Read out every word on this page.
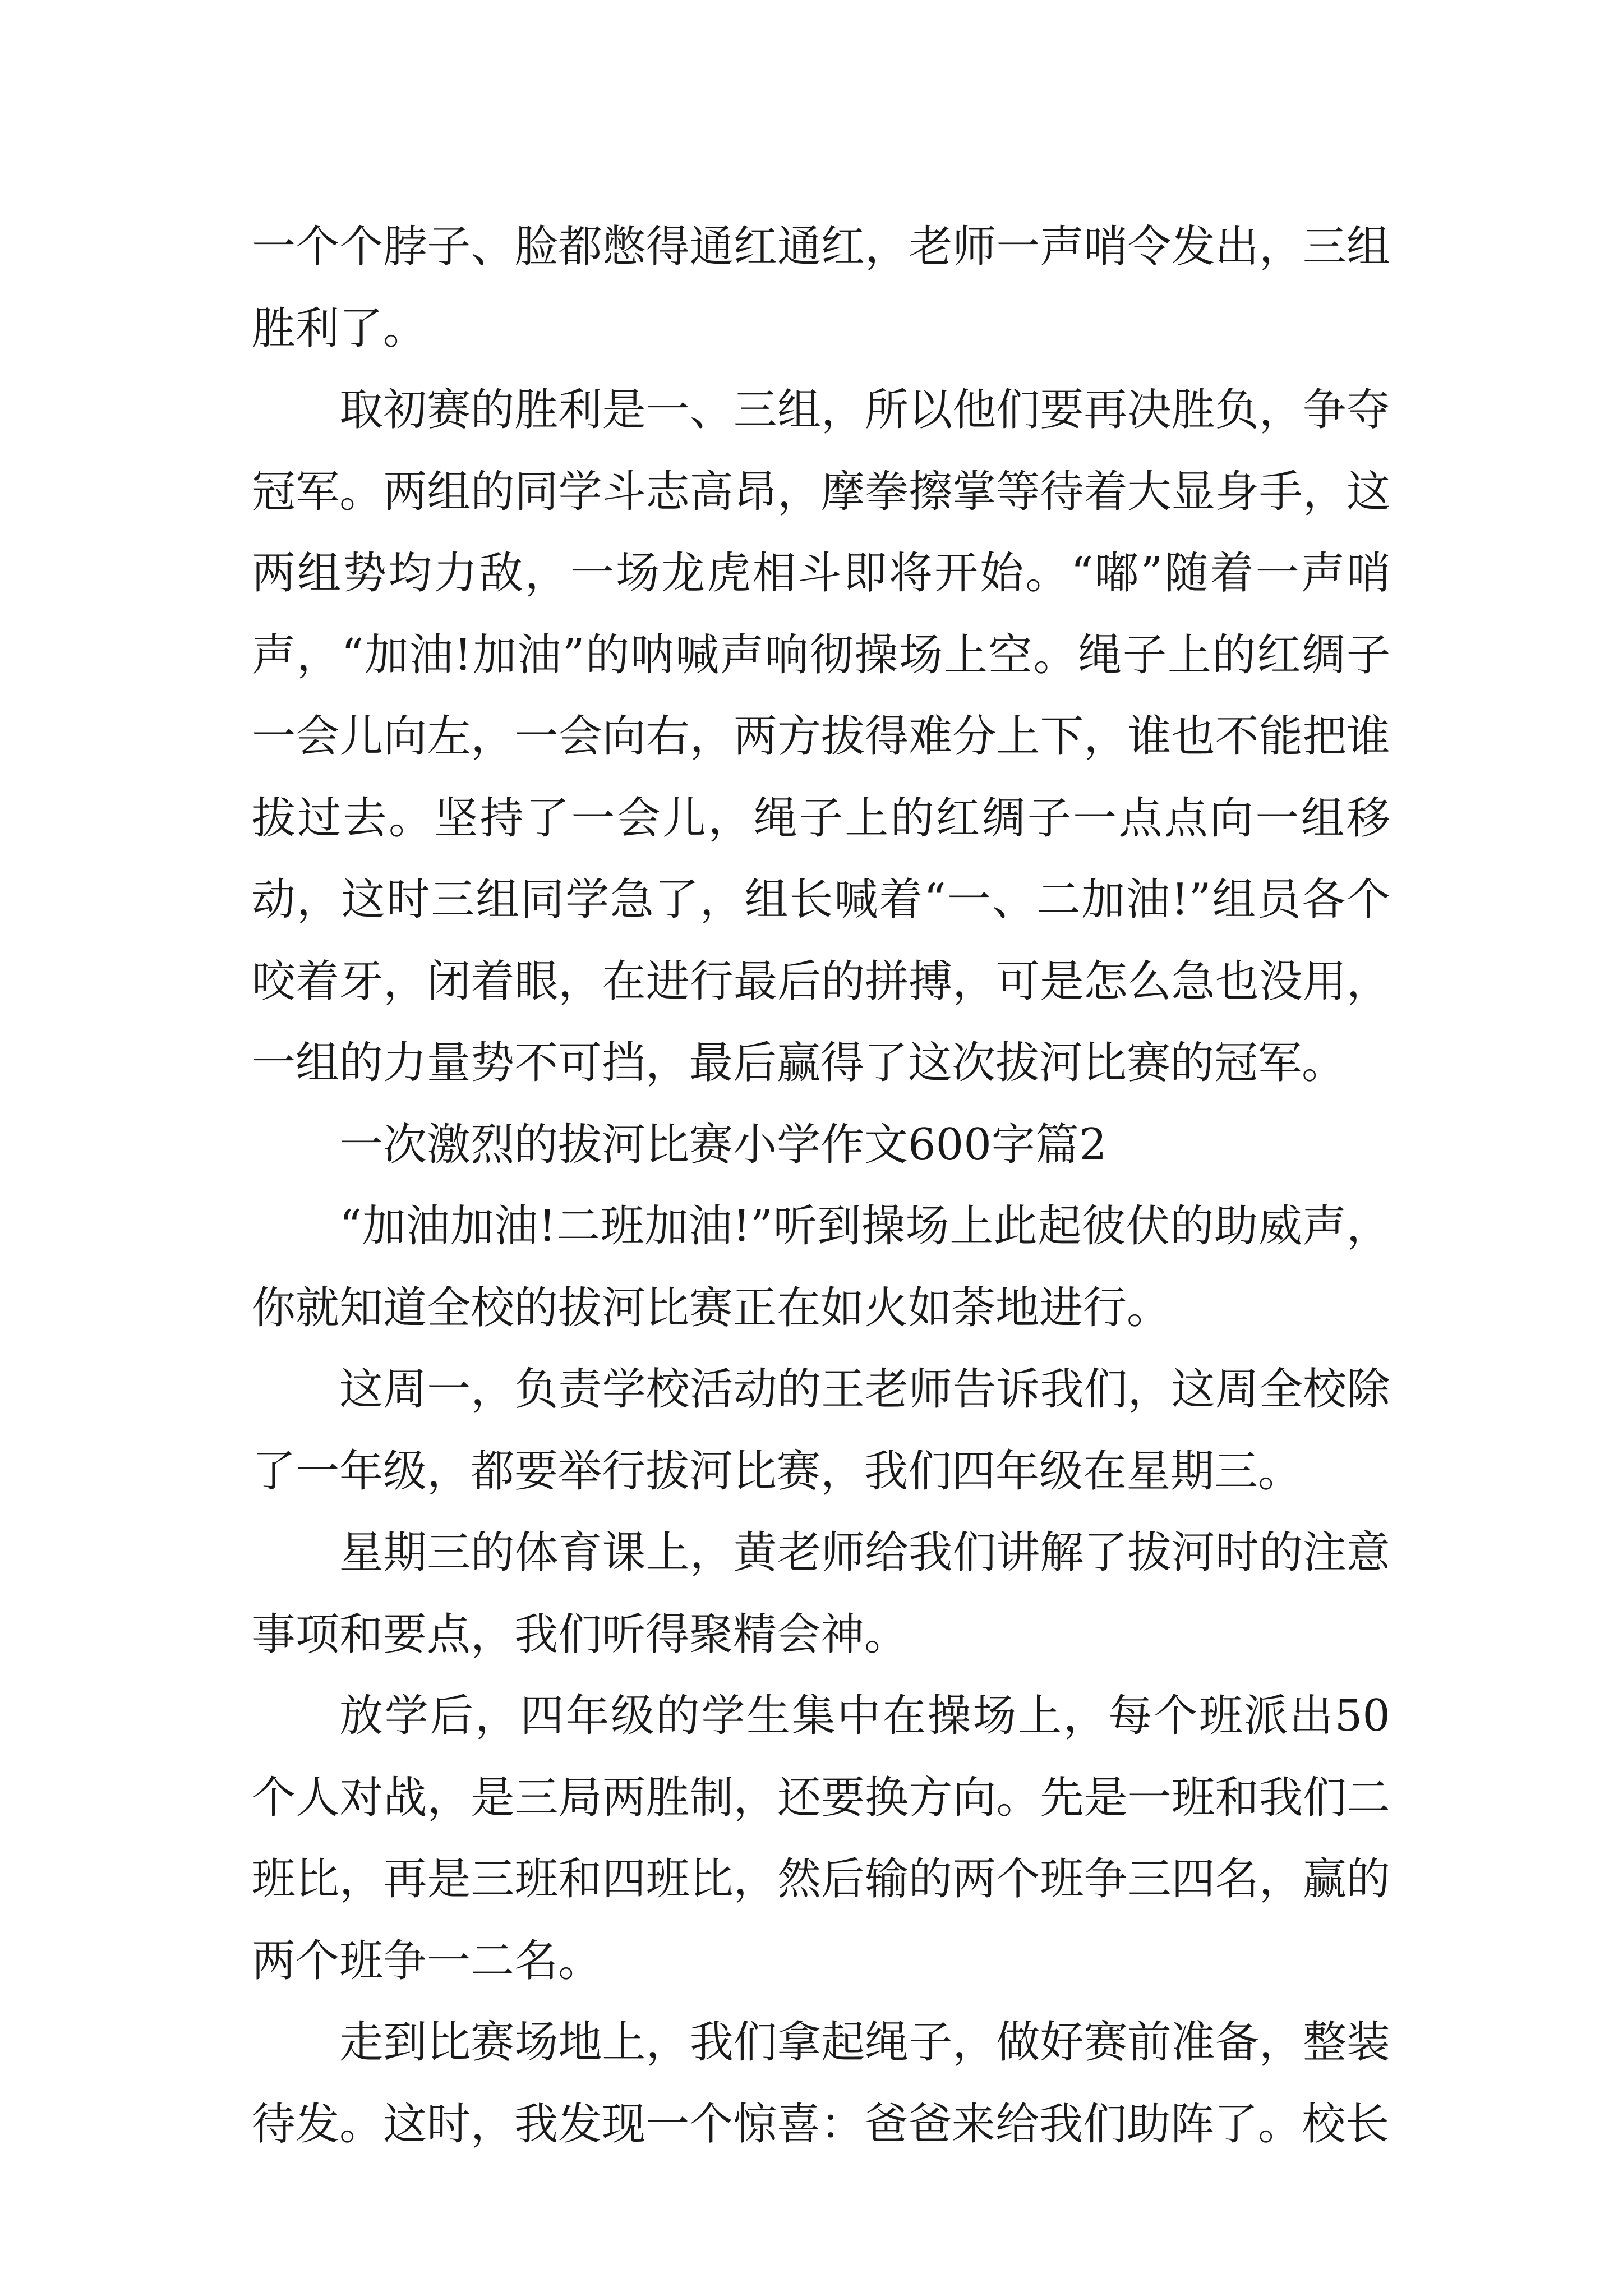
一个个脖子、脸都憋得通红通红，老师一声哨令发出，三组胜利了。

取初赛的胜利是一、三组，所以他们要再决胜负，争夺冠军。两组的同学斗志高昂，摩拳擦掌等待着大显身手，这两组势均力敌，一场龙虎相斗即将开始。“嘟”随着一声哨声，“加油!加油”的呐喊声响彻操场上空。绳子上的红绸子一会儿向左，一会向右，两方拔得难分上下，谁也不能把谁拔过去。坚持了一会儿，绳子上的红绸子一点点向一组移动，这时三组同学急了，组长喊着“一、二加油!”组员各个咬着牙，闭着眼，在进行最后的拼搏，可是怎么急也没用，一组的力量势不可挡，最后赢得了这次拔河比赛的冠军。

一次激烈的拔河比赛小学作文600字篇2

“加油加油!二班加油!”听到操场上此起彼伏的助威声，你就知道全校的拔河比赛正在如火如荼地进行。

这周一，负责学校活动的王老师告诉我们，这周全校除了一年级，都要举行拔河比赛，我们四年级在星期三。

星期三的体育课上，黄老师给我们讲解了拔河时的注意事项和要点，我们听得聚精会神。

放学后，四年级的学生集中在操场上，每个班派出50个人对战，是三局两胜制，还要换方向。先是一班和我们二班比，再是三班和四班比，然后输的两个班争三四名，赢的两个班争一二名。

走到比赛场地上，我们拿起绳子，做好赛前准备，整装待发。这时，我发现一个惊喜：爸爸来给我们助阵了。校长
